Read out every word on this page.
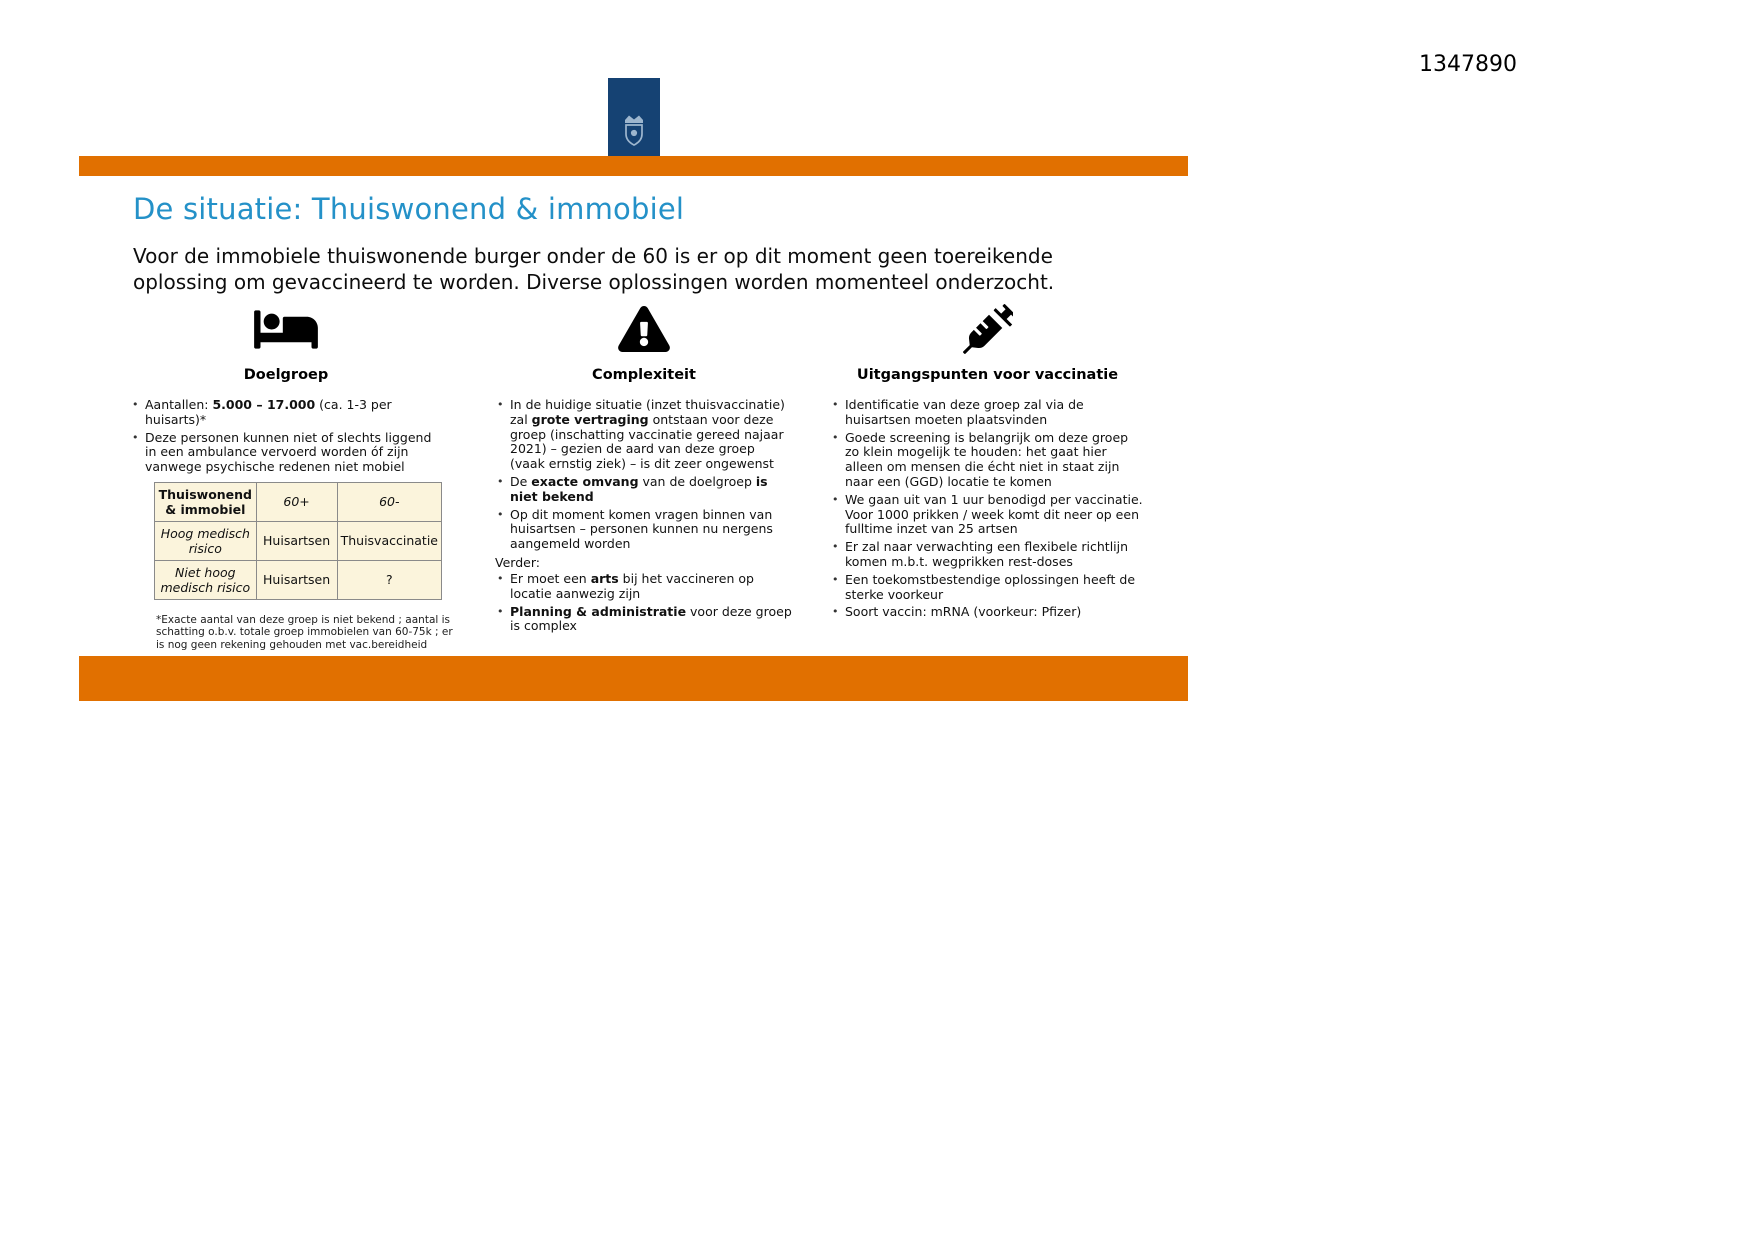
1347890
De situatie: Thuiswonend & immobiel

Voor de immobiele thuiswonende burger onder de 60 is er op dit moment geen toereikende
oplossing om gevaccineerd te worden. Diverse oplossingen worden momenteel onderzocht.

Doelgroep
• Aantallen: 5.000 – 17.000 (ca. 1-3 per huisarts)*
• Deze personen kunnen niet of slechts liggend in een ambulance vervoerd worden óf zijn vanwege psychische redenen niet mobiel
Thuiswonend & immobiel	60+	60-
Hoog medisch risico	Huisartsen	Thuisvaccinatie
Niet hoog medisch risico	Huisartsen	?

*Exacte aantal van deze groep is niet bekend ; aantal is schatting o.b.v. totale groep immobielen van 60-75k ; er is nog geen rekening gehouden met vac.bereidheid

Complexiteit
• In de huidige situatie (inzet thuisvaccinatie) zal grote vertraging ontstaan voor deze groep (inschatting vaccinatie gereed najaar 2021) – gezien de aard van deze groep (vaak ernstig ziek) – is dit zeer ongewenst
• De exacte omvang van de doelgroep is niet bekend
• Op dit moment komen vragen binnen van huisartsen – personen kunnen nu nergens aangemeld worden
Verder:
• Er moet een arts bij het vaccineren op locatie aanwezig zijn
• Planning & administratie voor deze groep is complex
Uitgangspunten voor vaccinatie
• Identificatie van deze groep zal via de huisartsen moeten plaatsvinden
• Goede screening is belangrijk om deze groep zo klein mogelijk te houden: het gaat hier alleen om mensen die écht niet in staat zijn naar een (GGD) locatie te komen
• We gaan uit van 1 uur benodigd per vaccinatie. Voor 1000 prikken / week komt dit neer op een fulltime inzet van 25 artsen
• Er zal naar verwachting een flexibele richtlijn komen m.b.t. wegprikken rest-doses
• Een toekomstbestendige oplossingen heeft de sterke voorkeur
• Soort vaccin: mRNA (voorkeur: Pfizer)
